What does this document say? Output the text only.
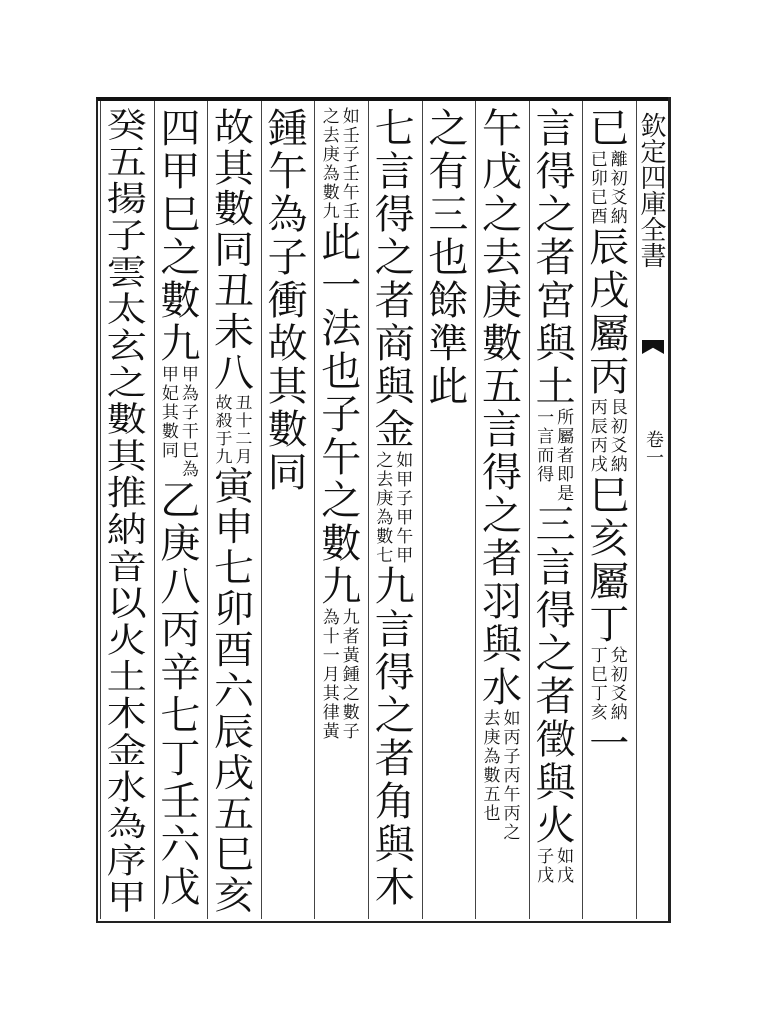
欽定四庫全書
卷一
已
離
初
爻
納
已
卯
已
酉
辰
戌
屬
丙
艮
初
爻
納
丙
辰
丙
戌
巳
亥
屬
丁
兌
初
爻
納
丁
巳
丁
亥
一
言
得
之
者
宮
與
土
所
屬
者
即
是
一
言
而
得
三
言
得
之
者
徵
與
火
如
戊
子
戊
午
戊
之
去
庚
數
五
言
得
之
者
羽
與
水
如
丙
子
丙
午
丙
之
去
庚
為
數
五
也
之
有
三
也
餘
準
此
七
言
得
之
者
商
與
金
如
甲
子
甲
午
甲
之
去
庚
為
數
七
九
言
得
之
者
角
與
木
如
壬
子
壬
午
壬
之
去
庚
為
數
九
此
一
法
也
子
午
之
數
九
九
者
黃
鍾
之
數
子
為
十
一
月
其
律
黃
鍾
午
為
子
衝
故
其
數
同
故
其
數
同
丑
未
八
丑
十
二
月
故
殺
于
九
寅
申
七
卯
酉
六
辰
戌
五
巳
亥
四
甲
巳
之
數
九
甲
為
子
干
巳
為
甲
妃
其
數
同
乙
庚
八
丙
辛
七
丁
壬
六
戊
癸
五
揚
子
雲
太
玄
之
數
其
推
納
音
以
火
土
木
金
水
為
序
甲
